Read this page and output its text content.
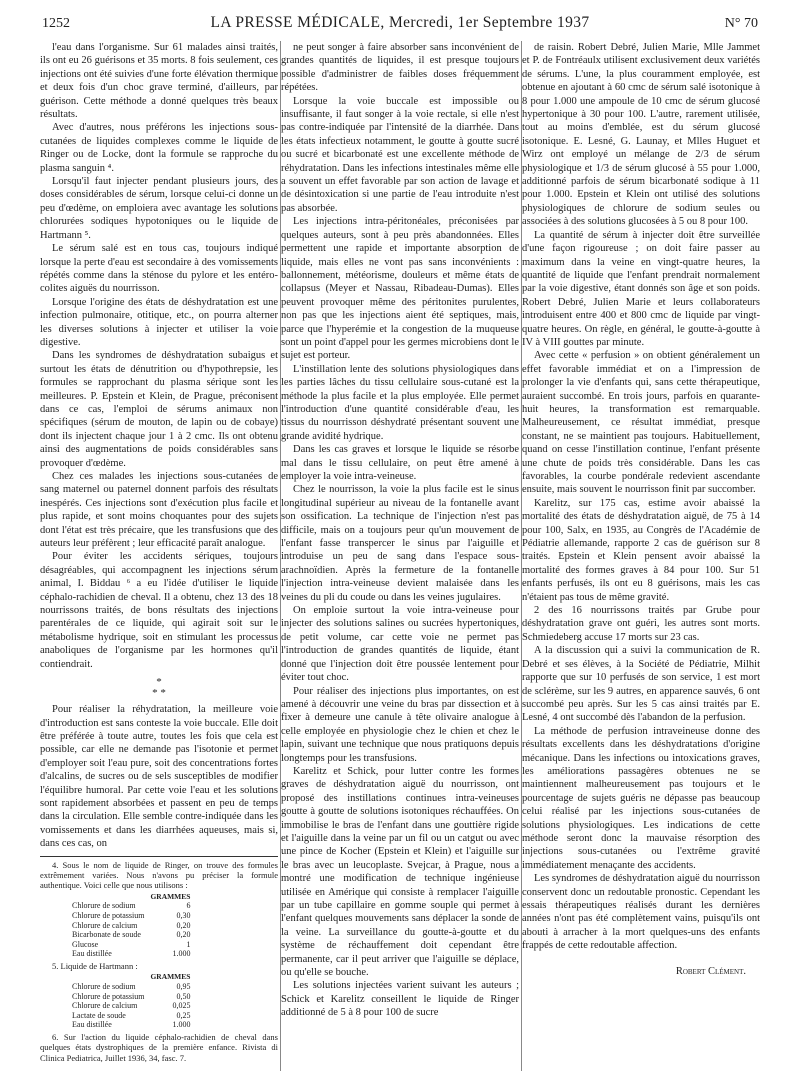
1252	LA PRESSE MÉDICALE, Mercredi, 1er Septembre 1937	N° 70

l'eau dans l'organisme. Sur 61 malades ainsi traités, ils ont eu 26 guérisons et 35 morts. 8 fois seulement, ces injections ont été suivies d'une forte élévation thermique et deux fois d'un choc grave terminé, d'ailleurs, par guérison. Cette méthode a donné quelques très beaux résultats.

Avec d'autres, nous préférons les injections sous-cutanées de liquides complexes comme le liquide de Ringer ou de Locke, dont la formule se rapproche du plasma sanguin ⁴.

Lorsqu'il faut injecter pendant plusieurs jours, des doses considérables de sérum, lorsque celui-ci donne un peu d'œdème, on emploiera avec avantage les solutions chlorurées sodiques hypotoniques ou le liquide de Hartmann ⁵.

Le sérum salé est en tous cas, toujours indiqué lorsque la perte d'eau est secondaire à des vomissements répétés comme dans la sténose du pylore et les entéro-colites aiguës du nourrisson.

Lorsque l'origine des états de déshydratation est une infection pulmonaire, otitique, etc., on pourra alterner les diverses solutions à injecter et utiliser la voie digestive.

Dans les syndromes de déshydratation subaigus et surtout les états de dénutrition ou d'hypothrepsie, les formules se rapprochant du plasma sérique sont les meilleures. P. Epstein et Klein, de Prague, préconisent dans ce cas, l'emploi de sérums animaux non spécifiques (sérum de mouton, de lapin ou de cobaye) dont ils injectent chaque jour 1 à 2 cmc. Ils ont obtenu ainsi des augmentations de poids considérables sans provoquer d'œdème.

Chez ces malades les injections sous-cutanées de sang maternel ou paternel donnent parfois des résultats inespérés. Ces injections sont d'exécution plus facile et plus rapide, et sont moins choquantes pour des sujets dont l'état est très précaire, que les transfusions que des auteurs leur préfèrent ; leur efficacité paraît analogue.

Pour éviter les accidents sériques, toujours désagréables, qui accompagnent les injections sérum animal, I. Biddau ⁶ a eu l'idée d'utiliser le liquide céphalo-rachidien de cheval. Il a obtenu, chez 13 des 18 nourrissons traités, de bons résultats des injections parentérales de ce liquide, qui agirait soit sur le métabolisme hydrique, soit en stimulant les processus anaboliques de l'organisme par les hormones qu'il contiendrait.

*
* *

Pour réaliser la réhydratation, la meilleure voie d'introduction est sans conteste la voie buccale. Elle doit être préférée à toute autre, toutes les fois que cela est possible, car elle ne demande pas l'isotonie et permet d'employer soit l'eau pure, soit des concentrations fortes d'alcalins, de sucres ou de sels susceptibles de modifier l'équilibre humoral. Par cette voie l'eau et les solutions sont rapidement absorbées et passent en peu de temps dans la circulation. Elle semble contre-indiquée dans les vomissements et dans les diarrhées aqueuses, mais si, dans ces cas, on

4. Sous le nom de liquide de Ringer, on trouve des formules extrêmement variées. Nous n'avons pu préciser la formule authentique. Voici celle que nous utilisons :

	GRAMMES
Chlorure de sodium	6
Chlorure de potassium	0,30
Chlorure de calcium	0,20
Bicarbonate de soude	0,20
Glucose	1
Eau distillée	1.000

5. Liquide de Hartmann :

	GRAMMES
Chlorure de sodium	0,95
Chlorure de potassium	0,50
Chlorure de calcium	0,025
Lactate de soude	0,25
Eau distillée	1.000

6. Sur l'action du liquide céphalo-rachidien de cheval dans quelques états dystrophiques de la première enfance. Rivista di Clinica Pediatrica, Juillet 1936, 34, fasc. 7.

ne peut songer à faire absorber sans inconvénient de grandes quantités de liquides, il est presque toujours possible d'administrer de faibles doses fréquemment répétées.

Lorsque la voie buccale est impossible ou insuffisante, il faut songer à la voie rectale, si elle n'est pas contre-indiquée par l'intensité de la diarrhée. Dans les états infectieux notamment, le goutte à goutte sucré ou sucré et bicarbonaté est une excellente méthode de réhydratation. Dans les infections intestinales même elle a souvent un effet favorable par son action de lavage et de désintoxication si une partie de l'eau introduite n'est pas absorbée.

Les injections intra-péritonéales, préconisées par quelques auteurs, sont à peu près abandonnées. Elles permettent une rapide et importante absorption de liquide, mais elles ne vont pas sans inconvénients : ballonnement, météorisme, douleurs et même états de collapsus (Meyer et Nassau, Ribadeau-Dumas). Elles peuvent provoquer même des péritonites purulentes, non pas que les injections aient été septiques, mais, parce que l'hyperémie et la congestion de la muqueuse sont un point d'appel pour les germes microbiens dont le sujet est porteur.

L'instillation lente des solutions physiologiques dans les parties lâches du tissu cellulaire sous-cutané est la méthode la plus facile et la plus employée. Elle permet l'introduction d'une quantité considérable d'eau, les tissus du nourrisson déshydraté présentant souvent une grande avidité hydrique.

Dans les cas graves et lorsque le liquide se résorbe mal dans le tissu cellulaire, on peut être amené à employer la voie intra-veineuse.

Chez le nourrisson, la voie la plus facile est le sinus longitudinal supérieur au niveau de la fontanelle avant son ossification. La technique de l'injection n'est pas difficile, mais on a toujours peur qu'un mouvement de l'enfant fasse transpercer le sinus par l'aiguille et introduise un peu de sang dans l'espace sous-arachnoïdien. Après la fermeture de la fontanelle l'injection intra-veineuse devient malaisée dans les veines du pli du coude ou dans les veines jugulaires.

On emploie surtout la voie intra-veineuse pour injecter des solutions salines ou sucrées hypertoniques, de petit volume, car cette voie ne permet pas l'introduction de grandes quantités de liquide, étant donné que l'injection doit être poussée lentement pour éviter tout choc.

Pour réaliser des injections plus importantes, on est amené à découvrir une veine du bras par dissection et à fixer à demeure une canule à tête olivaire analogue à celle employée en physiologie chez le chien et chez le lapin, suivant une technique que nous pratiquons depuis longtemps pour les transfusions.

Karelitz et Schick, pour lutter contre les formes graves de déshydratation aiguë du nourrisson, ont proposé des instillations continues intra-veineuses goutte à goutte de solutions isotoniques réchauffées. On immobilise le bras de l'enfant dans une gouttière rigide et l'aiguille dans la veine par un fil ou un catgut ou avec une pince de Kocher (Epstein et Klein) et l'aiguille sur le bras avec un leucoplaste. Svejcar, à Prague, nous a montré une modification de technique ingénieuse utilisée en Amérique qui consiste à remplacer l'aiguille par un tube capillaire en gomme souple qui permet à l'enfant quelques mouvements sans déplacer la sonde de la veine. La surveillance du goutte-à-goutte et du système de réchauffement doit cependant être permanente, car il peut arriver que l'aiguille se déplace, ou qu'elle se bouche.

Les solutions injectées varient suivant les auteurs ; Schick et Karelitz conseillent le liquide de Ringer additionné de 5 à 8 pour 100 de sucre

de raisin. Robert Debré, Julien Marie, Mlle Jammet et P. de Fontréaulx utilisent exclusivement deux variétés de sérums. L'une, la plus couramment employée, est obtenue en ajoutant à 60 cmc de sérum salé isotonique à 8 pour 1.000 une ampoule de 10 cmc de sérum glucosé hypertonique à 30 pour 100. L'autre, rarement utilisée, tout au moins d'emblée, est du sérum glucosé isotonique. E. Lesné, G. Launay, et Mlles Huguet et Wirz ont employé un mélange de 2/3 de sérum physiologique et 1/3 de sérum glucosé à 55 pour 1.000, additionné parfois de sérum bicarbonaté sodique à 11 pour 1.000. Epstein et Klein ont utilisé des solutions physiologiques de chlorure de sodium seules ou associées à des solutions glucosées à 5 ou 8 pour 100.

La quantité de sérum à injecter doit être surveillée d'une façon rigoureuse ; on doit faire passer au maximum dans la veine en vingt-quatre heures, la quantité de liquide que l'enfant prendrait normalement par la voie digestive, étant donnés son âge et son poids. Robert Debré, Julien Marie et leurs collaborateurs introduisent entre 400 et 800 cmc de liquide par vingt-quatre heures. On règle, en général, le goutte-à-goutte à IV à VIII gouttes par minute.

Avec cette « perfusion » on obtient généralement un effet favorable immédiat et on a l'impression de prolonger la vie d'enfants qui, sans cette thérapeutique, auraient succombé. En trois jours, parfois en quarante-huit heures, la transformation est remarquable. Malheureusement, ce résultat immédiat, presque constant, ne se maintient pas toujours. Habituellement, quand on cesse l'instillation continue, l'enfant présente une chute de poids très considérable. Dans les cas favorables, la courbe pondérale redevient ascendante ensuite, mais souvent le nourrisson finit par succomber.

Karelitz, sur 175 cas, estime avoir abaissé la mortalité des états de déshydratation aiguë, de 75 à 14 pour 100, Salx, en 1935, au Congrès de l'Académie de Pédiatrie allemande, rapporte 2 cas de guérison sur 8 traités. Epstein et Klein pensent avoir abaissé la mortalité des formes graves à 84 pour 100. Sur 51 enfants perfusés, ils ont eu 8 guérisons, mais les cas n'étaient pas tous de même gravité.

2 des 16 nourrissons traités par Grube pour déshydratation grave ont guéri, les autres sont morts. Schmiedeberg accuse 17 morts sur 23 cas.

A la discussion qui a suivi la communication de R. Debré et ses élèves, à la Société de Pédiatrie, Milhit rapporte que sur 10 perfusés de son service, 1 est mort de sclérème, sur les 9 autres, en apparence sauvés, 6 ont succombé peu après. Sur les 5 cas ainsi traités par E. Lesné, 4 ont succombé dès l'abandon de la perfusion.

La méthode de perfusion intraveineuse donne des résultats excellents dans les déshydratations d'origine mécanique. Dans les infections ou intoxications graves, les améliorations passagères obtenues ne se maintiennent malheureusement pas toujours et le pourcentage de sujets guéris ne dépasse pas beaucoup celui réalisé par les injections sous-cutanées de solutions physiologiques. Les indications de cette méthode seront donc la mauvaise résorption des injections sous-cutanées ou l'extrême gravité immédiatement menaçante des accidents.

Les syndromes de déshydratation aiguë du nourrisson conservent donc un redoutable pronostic. Cependant les essais thérapeutiques réalisés durant les dernières années n'ont pas été complètement vains, puisqu'ils ont abouti à arracher à la mort quelques-uns des enfants frappés de cette redoutable affection.

Robert Clément.
